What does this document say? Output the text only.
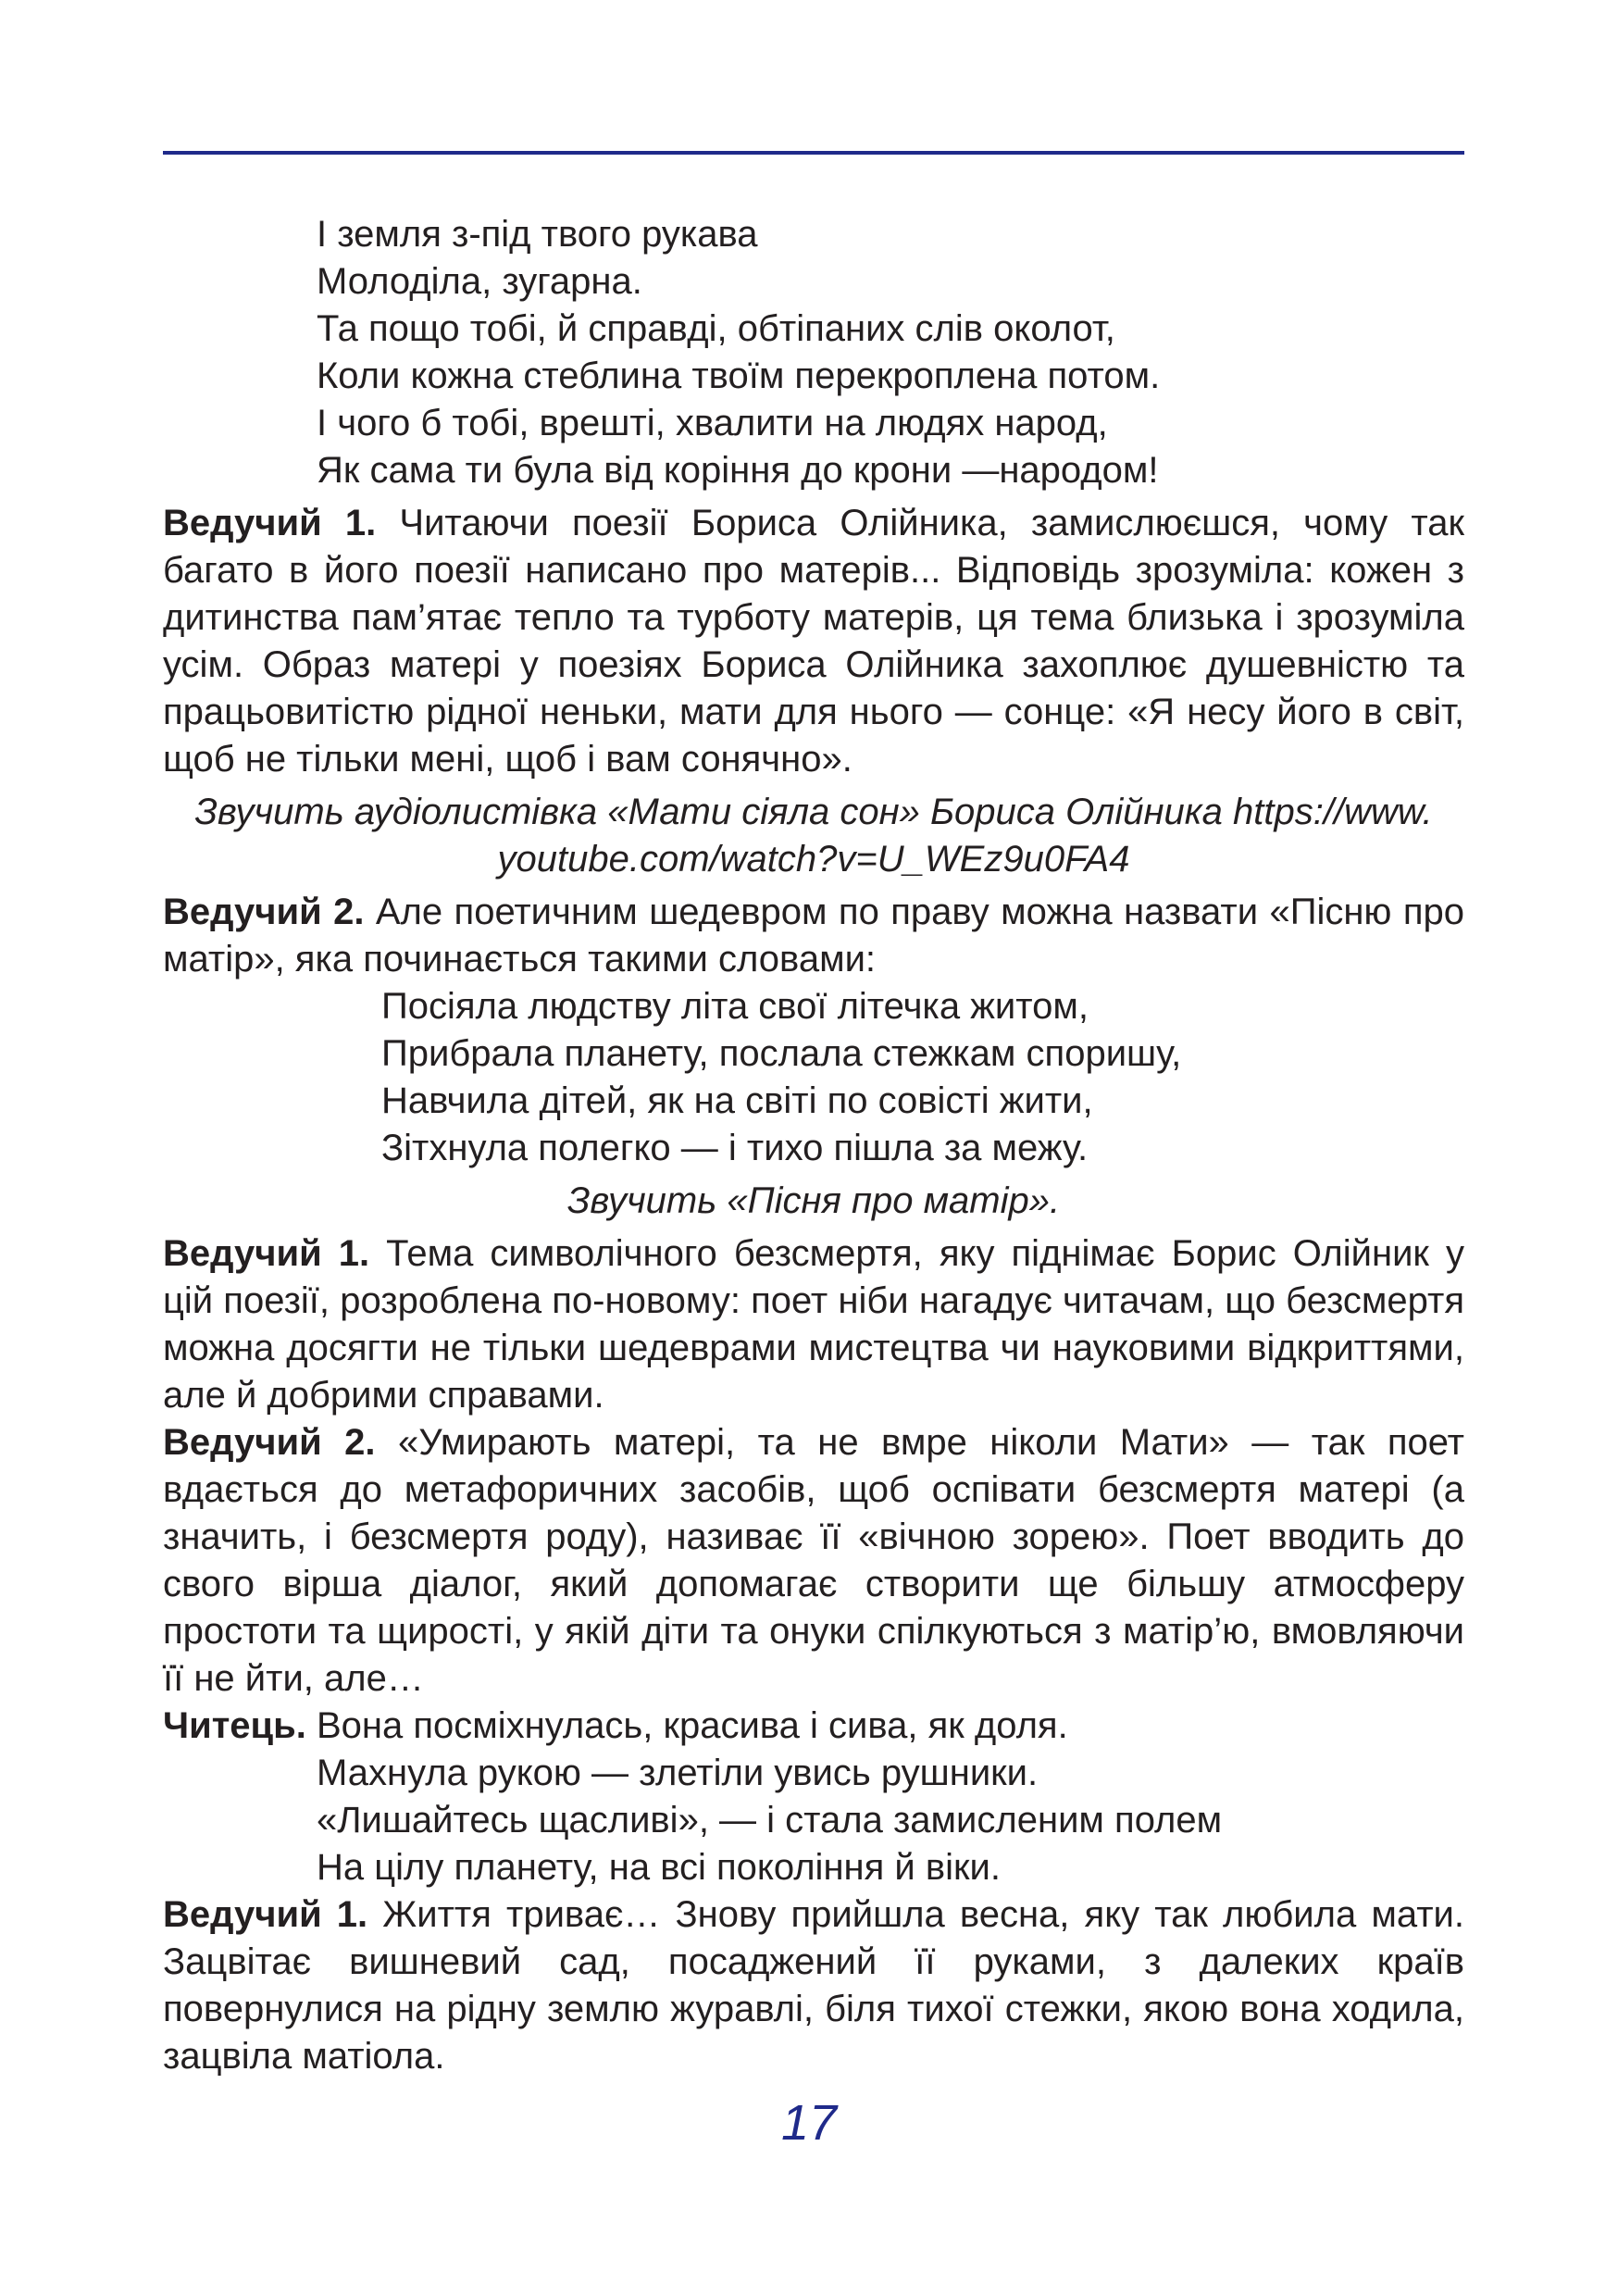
І земля з-під твого рукава

Молоділа, зугарна.

Та пощо тобі, й справді, обтіпаних слів околот,

Коли кожна стеблина твоїм перекроплена потом.

І чого б тобі, врешті, хвалити на людях народ,

Як сама ти була від коріння до крони —народом!

Ведучий 1. Читаючи поезії Бориса Олійника, замислюєшся, чому так багато в його поезії написано про матерів... Відповідь зрозуміла: кожен з дитинства пам’ятає тепло та турботу матерів, ця тема близька і зрозуміла усім. Образ матері у поезіях Бориса Олійника захоплює душевністю та працьовитістю рідної неньки, мати для нього — сонце: «Я несу його в світ, щоб не тільки мені, щоб і вам сонячно».

Звучить аудіолистівка «Мати сіяла сон» Бориса Олійника https://www.

youtube.com/watch?v=U_WEz9u0FA4

Ведучий 2. Але поетичним шедевром по праву можна назвати «Пісню про матір», яка починається такими словами:

Посіяла людству літа свої літечка житом,

Прибрала планету, послала стежкам споришу,

Навчила дітей, як на світі по совісті жити,

Зітхнула полегко — і тихо пішла за межу.

Звучить «Пісня про матір».

Ведучий 1. Тема символічного безсмертя, яку піднімає Борис Олійник у цій поезії, розроблена по-новому: поет ніби нагадує читачам, що безсмертя можна досягти не тільки шедеврами мистецтва чи науковими відкриттями, але й добрими справами.

Ведучий 2. «Умирають матері, та не вмре ніколи Мати» — так поет вдається до метафоричних засобів, щоб оспівати безсмертя матері (а значить, і безсмертя роду), називає її «вічною зорею». Поет вводить до свого вірша діалог, який допомагає створити ще більшу атмосферу простоти та щирості, у якій діти та онуки спілкуються з матір’ю, вмовляючи її не йти, але…

Читець. Вона посміхнулась, красива і сива, як доля.

Махнула рукою — злетіли увись рушники.

«Лишайтесь щасливі», — і стала замисленим полем

На цілу планету, на всі покоління й віки.

Ведучий 1. Життя триває… Знову прийшла весна, яку так любила мати. Зацвітає вишневий сад, посаджений її руками, з далеких країв повернулися на рідну землю журавлі, біля тихої стежки, якою вона ходила, зацвіла матіола.

17
